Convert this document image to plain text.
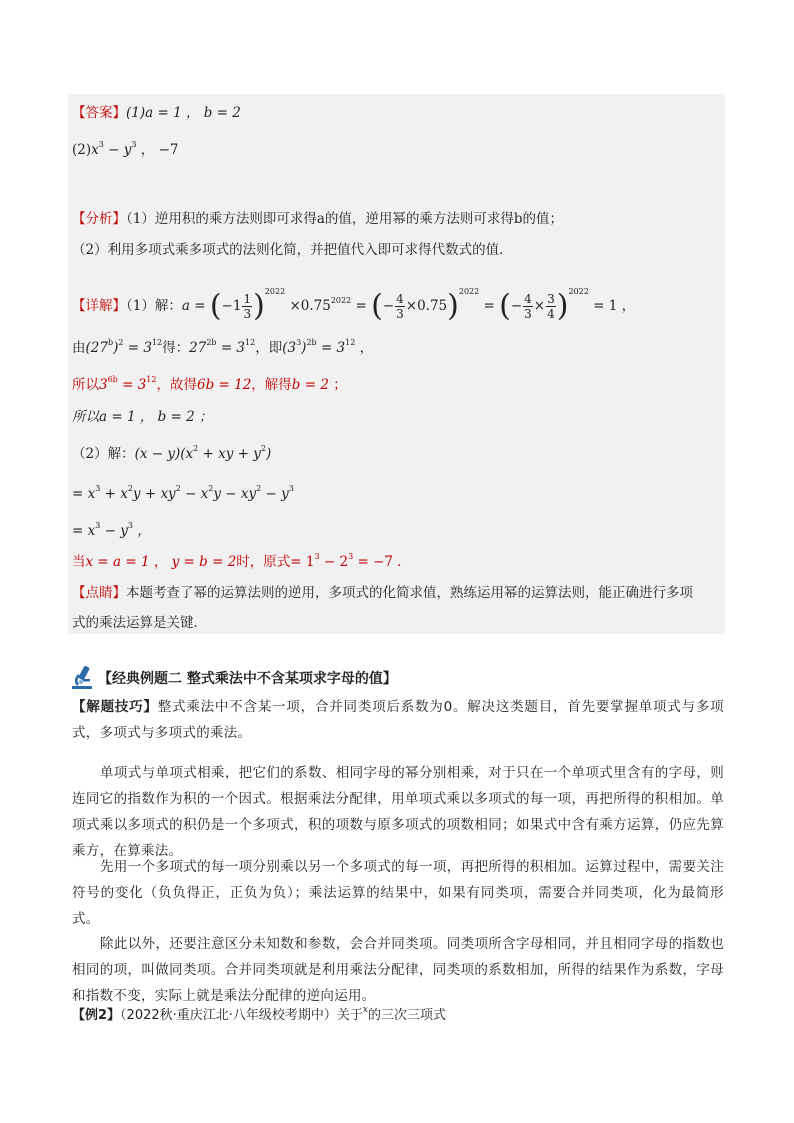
【答案】(1)a = 1 ， b = 2
$(2)x^3 - y^3$ ， −7
【分析】（1）逆用积的乘方法则即可求得a的值，逆用幂的乘方法则可求得b的值；
（2）利用多项式乘多项式的法则化简，并把值代入即可求得代数式的值．
【详解】（1）解：$a = (-1 \frac{1}{3} )^{2022} \times 0.75^{2022}$ = (− $\frac{4}{3} \times 0.75)^{2022}$ = (− $\frac{4}{3} \times \frac{3}{4} )^{2022} = 1$ ，
由$(27^b)^2 = 3^{12}$得：$27^{2b} = 3^{12}$，即$(3^3)^{2b} = 3^{12}$ ，
所以$3^{6b} = 3^{12}$，故得6b = 12，解得b = 2 ；
所以a = 1 ， b = 2 ；
（2）解：$(x - y)(x^2$ + xy + $y^2$)
= $x^3 + x^2y + xy^2 - x^2y - xy^2 - y^3$
= $x^3 - y^3$ ，
当x = a = 1 ， y = b = 2时，原式= $1^3 - 2^3 = -7$ ．
【点睛】本题考查了幂的运算法则的逆用，多项式的化简求值，熟练运用幂的运算法则，能正确进行多项
式的乘法运算是关键．
【经典例题二 整式乘法中不含某项求字母的值】
【解题技巧】整式乘法中不含某一项，合并同类项后系数为0。解决这类题目，首先要掌握单项式与多项式，多项式与多项式的乘法。
单项式与单项式相乘，把它们的系数、相同字母的幂分别相乘，对于只在一个单项式里含有的字母，则连同它的指数作为积的一个因式。根据乘法分配律，用单项式乘以多项式的每一项，再把所得的积相加。单项式乘以多项式的积仍是一个多项式，积的项数与原多项式的项数相同；如果式中含有乘方运算，仍应先算乘方，在算乘法。
先用一个多项式的每一项分别乘以另一个多项式的每一项，再把所得的积相加。运算过程中，需要关注符号的变化（负负得正，正负为负）；乘法运算的结果中，如果有同类项，需要合并同类项，化为最简形式。
除此以外，还要注意区分未知数和参数，会合并同类项。同类项所含字母相同，并且相同字母的指数也相同的项，叫做同类项。合并同类项就是利用乘法分配律，同类项的系数相加，所得的结果作为系数，字母和指数不变，实际上就是乘法分配律的逆向运用。
【例2】（2022秋·重庆江北·八年级校考期中）关于$^x$的三次三项式
